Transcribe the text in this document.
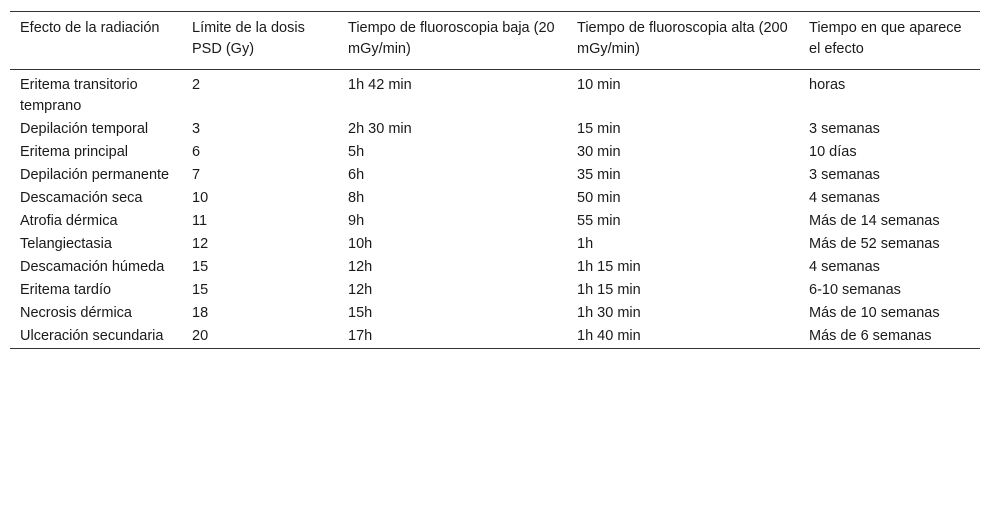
Efecto de la radiación	Límite de la dosis PSD (Gy)	Tiempo de fluoroscopia baja (20 mGy/min)	Tiempo de fluoroscopia alta (200 mGy/min)	Tiempo en que aparece el efecto
Eritema transitorio temprano	2	1h 42 min	10 min	horas
Depilación temporal	3	2h 30 min	15 min	3 semanas
Eritema principal	6	5h	30 min	10 días
Depilación permanente	7	6h	35 min	3 semanas
Descamación seca	10	8h	50 min	4 semanas
Atrofia dérmica	11	9h	55 min	Más de 14 semanas
Telangiectasia	12	10h	1h	Más de 52 semanas
Descamación húmeda	15	12h	1h 15 min	4 semanas
Eritema tardío	15	12h	1h 15 min	6-10 semanas
Necrosis dérmica	18	15h	1h 30 min	Más de 10 semanas
Ulceración secundaria	20	17h	1h 40 min	Más de 6 semanas
